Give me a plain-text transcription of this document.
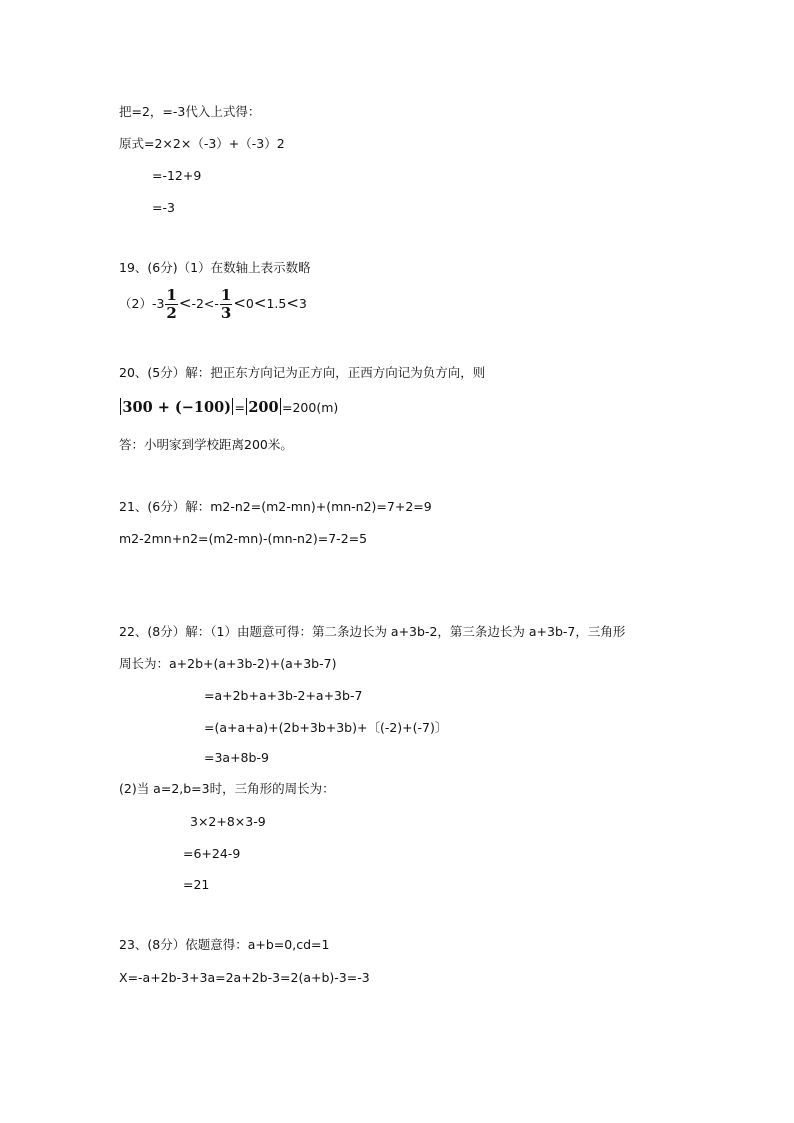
把=2，=-3代入上式得：
原式=2×2×（-3）+（-3）2
=-12+9
=-3
19、(6分)（1）在数轴上表示数略
$(2)-3 \frac{1}{2} <-2<- \frac{1}{3} <0<1.5<3$
20、(5分）解：把正东方向记为正方向，正西方向记为负方向，则
300 + (−100) = 200 =200(m)
答：小明家到学校距离200米。
21、(6分）解：m2-n2=(m2-mn)+(mn-n2)=7+2=9
m2-2mn+n2=(m2-mn)-(mn-n2)=7-2=5
22、(8分）解：（1）由题意可得：第二条边长为 a+3b-2，第三条边长为 a+3b-7，三角形
周长为：a+2b+(a+3b-2)+(a+3b-7)
=a+2b+a+3b-2+a+3b-7
=(a+a+a)+(2b+3b+3b)+〔(-2)+(-7)〕
=3a+8b-9
(2)当 a=2,b=3时，三角形的周长为：
3×2+8×3-9
=6+24-9
=21
23、(8分）依题意得：a+b=0,cd=1
X=-a+2b-3+3a=2a+2b-3=2(a+b)-3=-3
